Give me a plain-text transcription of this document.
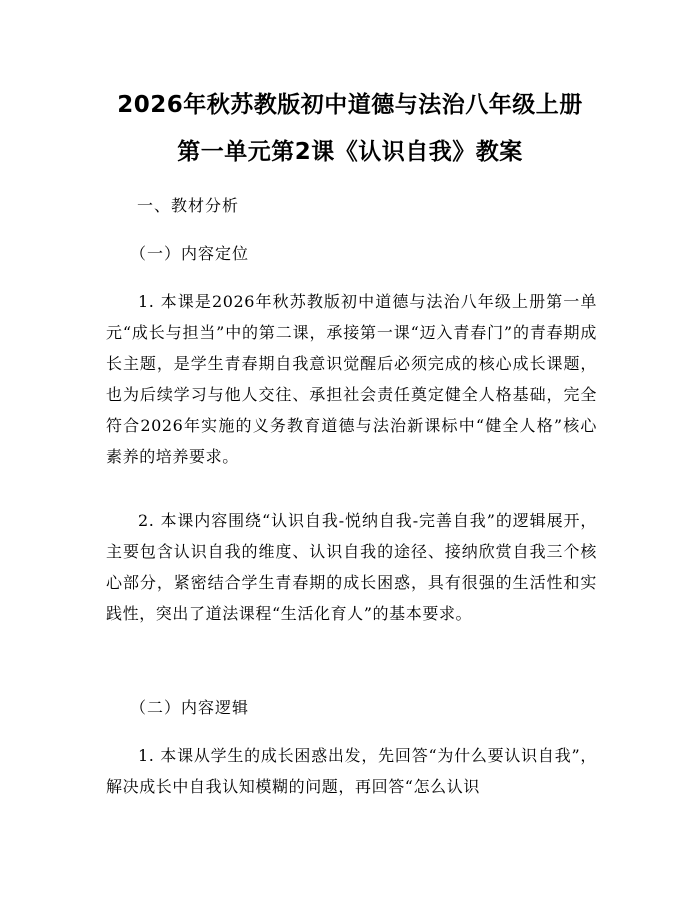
2026年秋苏教版初中道德与法治八年级上册
第一单元第2课《认识自我》教案
一、教材分析
（一）内容定位

1. 本课是2026年秋苏教版初中道德与法治八年级上册第一单元“成长与担当”中的第二课，承接第一课“迈入青春门”的青春期成长主题，是学生青春期自我意识觉醒后必须完成的核心成长课题，也为后续学习与他人交往、承担社会责任奠定健全人格基础，完全符合2026年实施的义务教育道德与法治新课标中“健全人格”核心素养的培养要求。

2. 本课内容围绕“认识自我-悦纳自我-完善自我”的逻辑展开，主要包含认识自我的维度、认识自我的途径、接纳欣赏自我三个核心部分，紧密结合学生青春期的成长困惑，具有很强的生活性和实践性，突出了道法课程“生活化育人”的基本要求。

（二）内容逻辑

1. 本课从学生的成长困惑出发，先回答“为什么要认识自我”，解决成长中自我认知模糊的问题，再回答“怎么认识
